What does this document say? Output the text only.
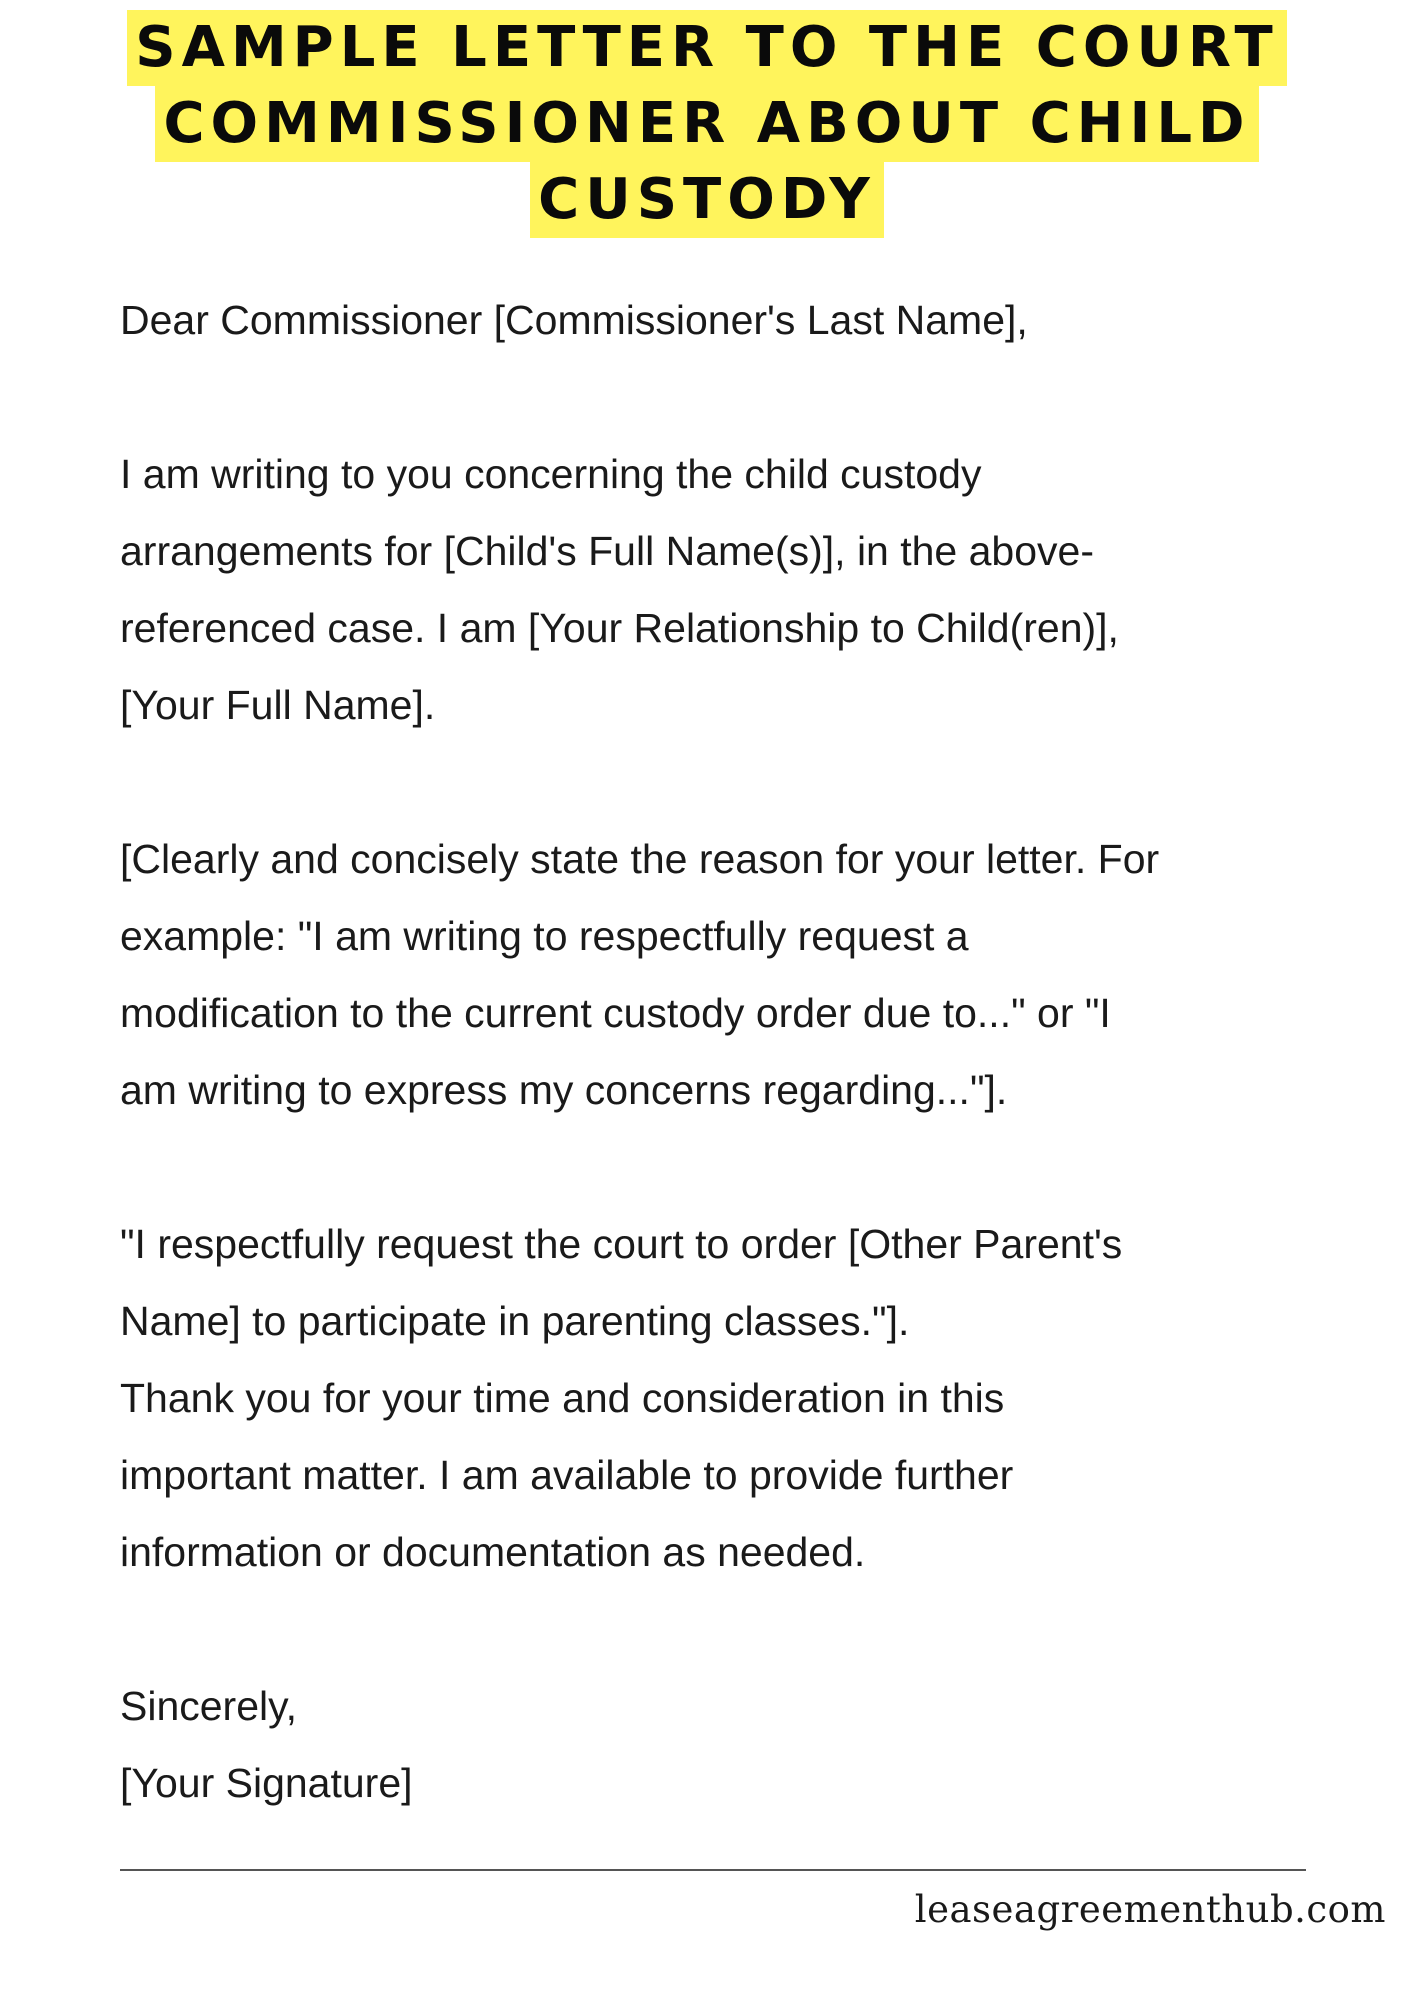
SAMPLE LETTER TO THE COURT
COMMISSIONER ABOUT CHILD
CUSTODY
Dear Commissioner [Commissioner's Last Name],
I am writing to you concerning the child custody
arrangements for [Child's Full Name(s)], in the above-
referenced case. I am [Your Relationship to Child(ren)],
[Your Full Name].
[Clearly and concisely state the reason for your letter. For
example: "I am writing to respectfully request a
modification to the current custody order due to..." or "I
am writing to express my concerns regarding..."].
"I respectfully request the court to order [Other Parent's
Name] to participate in parenting classes."].
Thank you for your time and consideration in this
important matter. I am available to provide further
information or documentation as needed.
Sincerely,
[Your Signature]
leaseagreementhub.com
